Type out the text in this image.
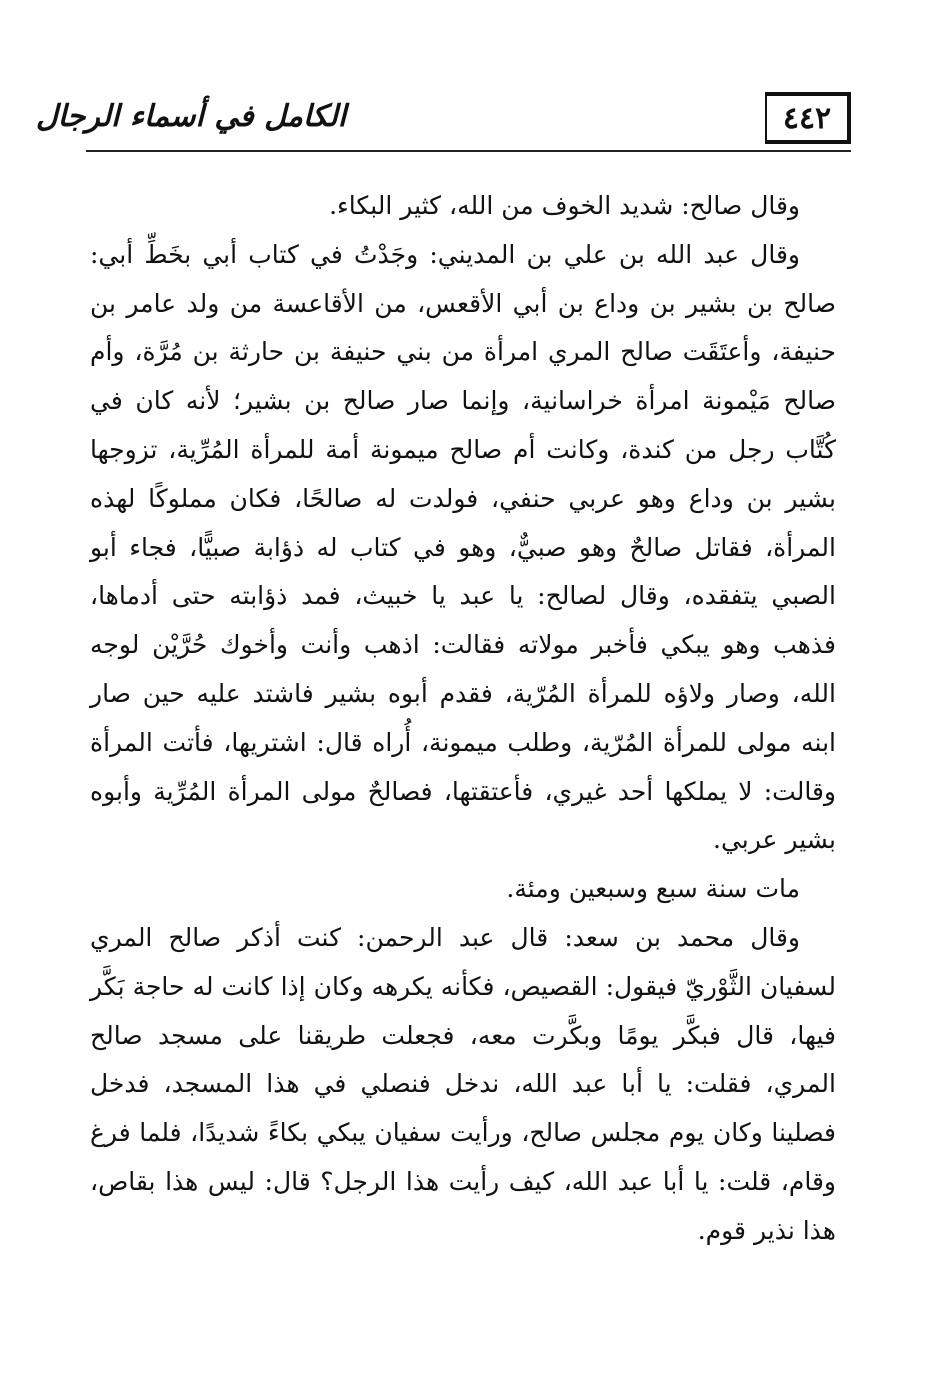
٤٤٢
الكامل في أسماء الرجال

وقال صالح: شديد الخوف من الله، كثير البكاء.

وقال عبد الله بن علي بن المديني: وجَدْتُ في كتاب أبي بخَطِّ أبي: صالح بن بشير بن وداع بن أبي الأقعس، من الأقاعسة من ولد عامر بن حنيفة، وأعتَقَت صالح المري امرأة من بني حنيفة بن حارثة بن مُرَّة، وأم صالح مَيْمونة امرأة خراسانية، وإنما صار صالح بن بشير؛ لأنه كان في كُتَّاب رجل من كندة، وكانت أم صالح ميمونة أمة للمرأة المُرِّية، تزوجها بشير بن وداع وهو عربي حنفي، فولدت له صالحًا، فكان مملوكًا لهذه المرأة، فقاتل صالحٌ وهو صبيٌّ، وهو في كتاب له ذؤابة صبيًّا، فجاء أبو الصبي يتفقده، وقال لصالح: يا عبد يا خبيث، فمد ذؤابته حتى أدماها، فذهب وهو يبكي فأخبر مولاته فقالت: اذهب وأنت وأخوك حُرَّيْن لوجه الله، وصار ولاؤه للمرأة المُرّية، فقدم أبوه بشير فاشتد عليه حين صار ابنه مولى للمرأة المُرّية، وطلب ميمونة، أُراه قال: اشتريها، فأتت المرأة وقالت: لا يملكها أحد غيري، فأعتقتها، فصالحٌ مولى المرأة المُرِّية وأبوه بشير عربي.

مات سنة سبع وسبعين ومئة.

وقال محمد بن سعد: قال عبد الرحمن: كنت أذكر صالح المري لسفيان الثَّوْريّ فيقول: القصيص، فكأنه يكرهه وكان إذا كانت له حاجة بَكَّر فيها، قال فبكَّر يومًا وبكَّرت معه، فجعلت طريقنا على مسجد صالح المري، فقلت: يا أبا عبد الله، ندخل فنصلي في هذا المسجد، فدخل فصلينا وكان يوم مجلس صالح، ورأيت سفيان يبكي بكاءً شديدًا، فلما فرغ وقام، قلت: يا أبا عبد الله، كيف رأيت هذا الرجل؟ قال: ليس هذا بقاص، هذا نذير قوم.
